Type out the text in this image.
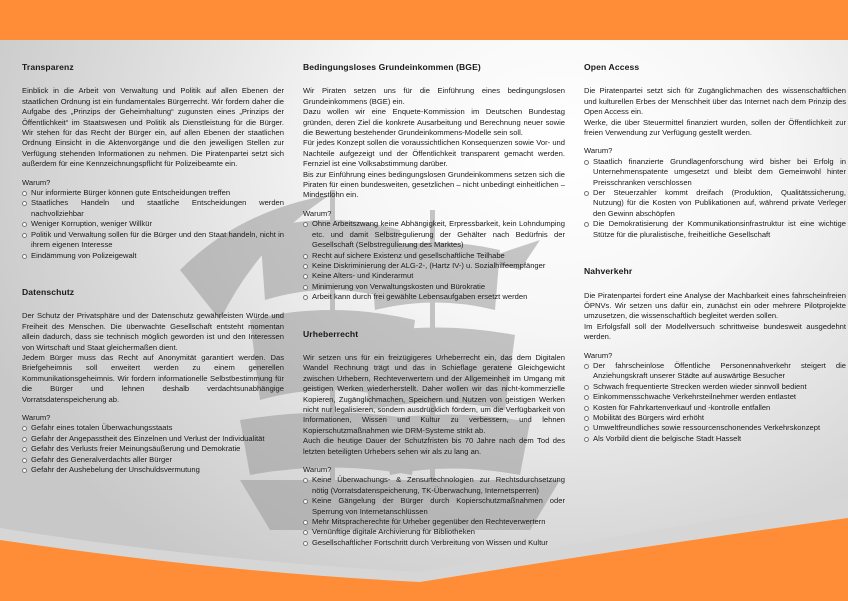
Transparenz

Einblick in die Arbeit von Verwaltung und Politik auf allen Ebenen der staatlichen Ordnung ist ein fundamentales Bürgerrecht. Wir fordern daher die Aufgabe des „Prinzips der Geheimhaltung“ zugunsten eines „Prinzips der Öffentlichkeit“ im Staatswesen und Politik als Dienstleistung für die Bürger. Wir stehen für das Recht der Bürger ein, auf allen Ebenen der staatlichen Ordnung Einsicht in die Aktenvorgänge und die den jeweiligen Stellen zur Verfügung stehenden Informationen zu nehmen. Die Piratenpartei setzt sich außerdem für eine Kennzeichnungspflicht für Polizeibeamte ein.

Warum?
Nur informierte Bürger können gute Entscheidungen treffen
Staatliches Handeln und staatliche Entscheidungen werden nachvollziehbar
Weniger Korruption, weniger Willkür
Politik und Verwaltung sollen für die Bürger und den Staat handeln, nicht in ihrem eigenen Interesse
Eindämmung von Polizeigewalt
Datenschutz

Der Schutz der Privatsphäre und der Datenschutz gewährleisten Würde und Freiheit des Menschen. Die überwachte Gesellschaft entsteht momentan allein dadurch, dass sie technisch möglich geworden ist und den Interessen von Wirtschaft und Staat gleichermaßen dient.

Jedem Bürger muss das Recht auf Anonymität garantiert werden. Das Briefgeheimnis soll erweitert werden zu einem generellen Kommunikationsgeheimnis. Wir fordern informationelle Selbstbestimmung für die Bürger und lehnen deshalb verdachtsunabhängige Vorratsdatenspeicherung ab.

Warum?
Gefahr eines totalen Überwachungsstaats
Gefahr der Angepasstheit des Einzelnen und Verlust der Individualität
Gefahr des Verlusts freier Meinungsäußerung und Demokratie
Gefahr des Generalverdachts aller Bürger
Gefahr der Aushebelung der Unschuldsvermutung
Bedingungsloses Grundeinkommen (BGE)

Wir Piraten setzen uns für die Einführung eines bedingungslosen Grundeinkommens (BGE) ein.

Dazu wollen wir eine Enquete-Kommission im Deutschen Bundestag gründen, deren Ziel die konkrete Ausarbeitung und Berechnung neuer sowie die Bewertung bestehender Grundeinkommens-Modelle sein soll.

Für jedes Konzept sollen die voraussichtlichen Konsequenzen sowie Vor- und Nachteile aufgezeigt und der Öffentlichkeit transparent gemacht werden. Fernziel ist eine Volksabstimmung darüber.

Bis zur Einführung eines bedingungslosen Grundeinkommens setzen sich die Piraten für einen bundesweiten, gesetzlichen – nicht unbedingt einheitlichen – Mindestlohn ein.

Warum?
Ohne Arbeitszwang keine Abhängigkeit, Erpressbarkeit, kein Lohndumping etc. und damit Selbstregulierung der Gehälter nach Bedürfnis der Gesellschaft (Selbstregulierung des Marktes)
Recht auf sichere Existenz und gesellschaftliche Teilhabe
Keine Diskriminierung der ALG-2-, (Hartz IV-) u. Sozialhilfeempfänger
Keine Alters- und Kinderarmut
Minimierung von Verwaltungskosten und Bürokratie
Arbeit kann durch frei gewählte Lebensaufgaben ersetzt werden
Urheberrecht

Wir setzen uns für ein freizügigeres Urheberrecht ein, das dem Digitalen Wandel Rechnung trägt und das in Schieflage geratene Gleichgewicht zwischen Urhebern, Rechteverwertern und der Allgemeinheit im Umgang mit geistigen Werken wiederherstellt. Daher wollen wir das nicht-kommerzielle Kopieren, Zugänglichmachen, Speichern und Nutzen von geistigen Werken nicht nur legalisieren, sondern ausdrücklich fördern, um die Verfügbarkeit von Informationen, Wissen und Kultur zu verbessern, und lehnen Kopierschutzmaßnahmen wie DRM-Systeme strikt ab.

Auch die heutige Dauer der Schutzfristen bis 70 Jahre nach dem Tod des letzten beteiligten Urhebers sehen wir als zu lang an.

Warum?
Keine Überwachungs- & Zensurtechnologien zur Rechtsdurchsetzung nötig (Vorratsdatenspeicherung, TK-Überwachung, Internetsperren)
Keine Gängelung der Bürger durch Kopierschutzmaßnahmen oder Sperrung von Internetanschlüssen
Mehr Mitspracherechte für Urheber gegenüber den Rechteverwertern
Vernünftige digitale Archivierung für Bibliotheken
Gesellschaftlicher Fortschritt durch Verbreitung von Wissen und Kultur
Open Access

Die Piratenpartei setzt sich für Zugänglichmachen des wissenschaftlichen und kulturellen Erbes der Menschheit über das Internet nach dem Prinzip des Open Access ein.

Werke, die über Steuermittel finanziert wurden, sollen der Öffentlichkeit zur freien Verwendung zur Verfügung gestellt werden.

Warum?
Staatlich finanzierte Grundlagenforschung wird bisher bei Erfolg in Unternehmenspatente umgesetzt und bleibt dem Gemeinwohl hinter Preisschranken verschlossen
Der Steuerzahler kommt dreifach (Produktion, Qualitätssicherung, Nutzung) für die Kosten von Publikationen auf, während private Verleger den Gewinn abschöpfen
Die Demokratisierung der Kommunikationsinfrastruktur ist eine wichtige Stütze für die pluralistische, freiheitliche Gesellschaft
Nahverkehr

Die Piratenpartei fordert eine Analyse der Machbarkeit eines fahrscheinfreien ÖPNVs. Wir setzen uns dafür ein, zunächst ein oder mehrere Pilotprojekte umzusetzen, die wissenschaftlich begleitet werden sollen.

Im Erfolgsfall soll der Modellversuch schrittweise bundesweit ausgedehnt werden.

Warum?
Der fahrscheinlose Öffentliche Personennahverkehr steigert die Anziehungskraft unserer Städte auf auswärtige Besucher
Schwach frequentierte Strecken werden wieder sinnvoll bedient
Einkommensschwache Verkehrsteilnehmer werden entlastet
Kosten für Fahrkartenverkauf und -kontrolle entfallen
Mobilität des Bürgers wird erhöht
Umweltfreundliches sowie ressourcenschonendes Verkehrskonzept
Als Vorbild dient die belgische Stadt Hasselt
